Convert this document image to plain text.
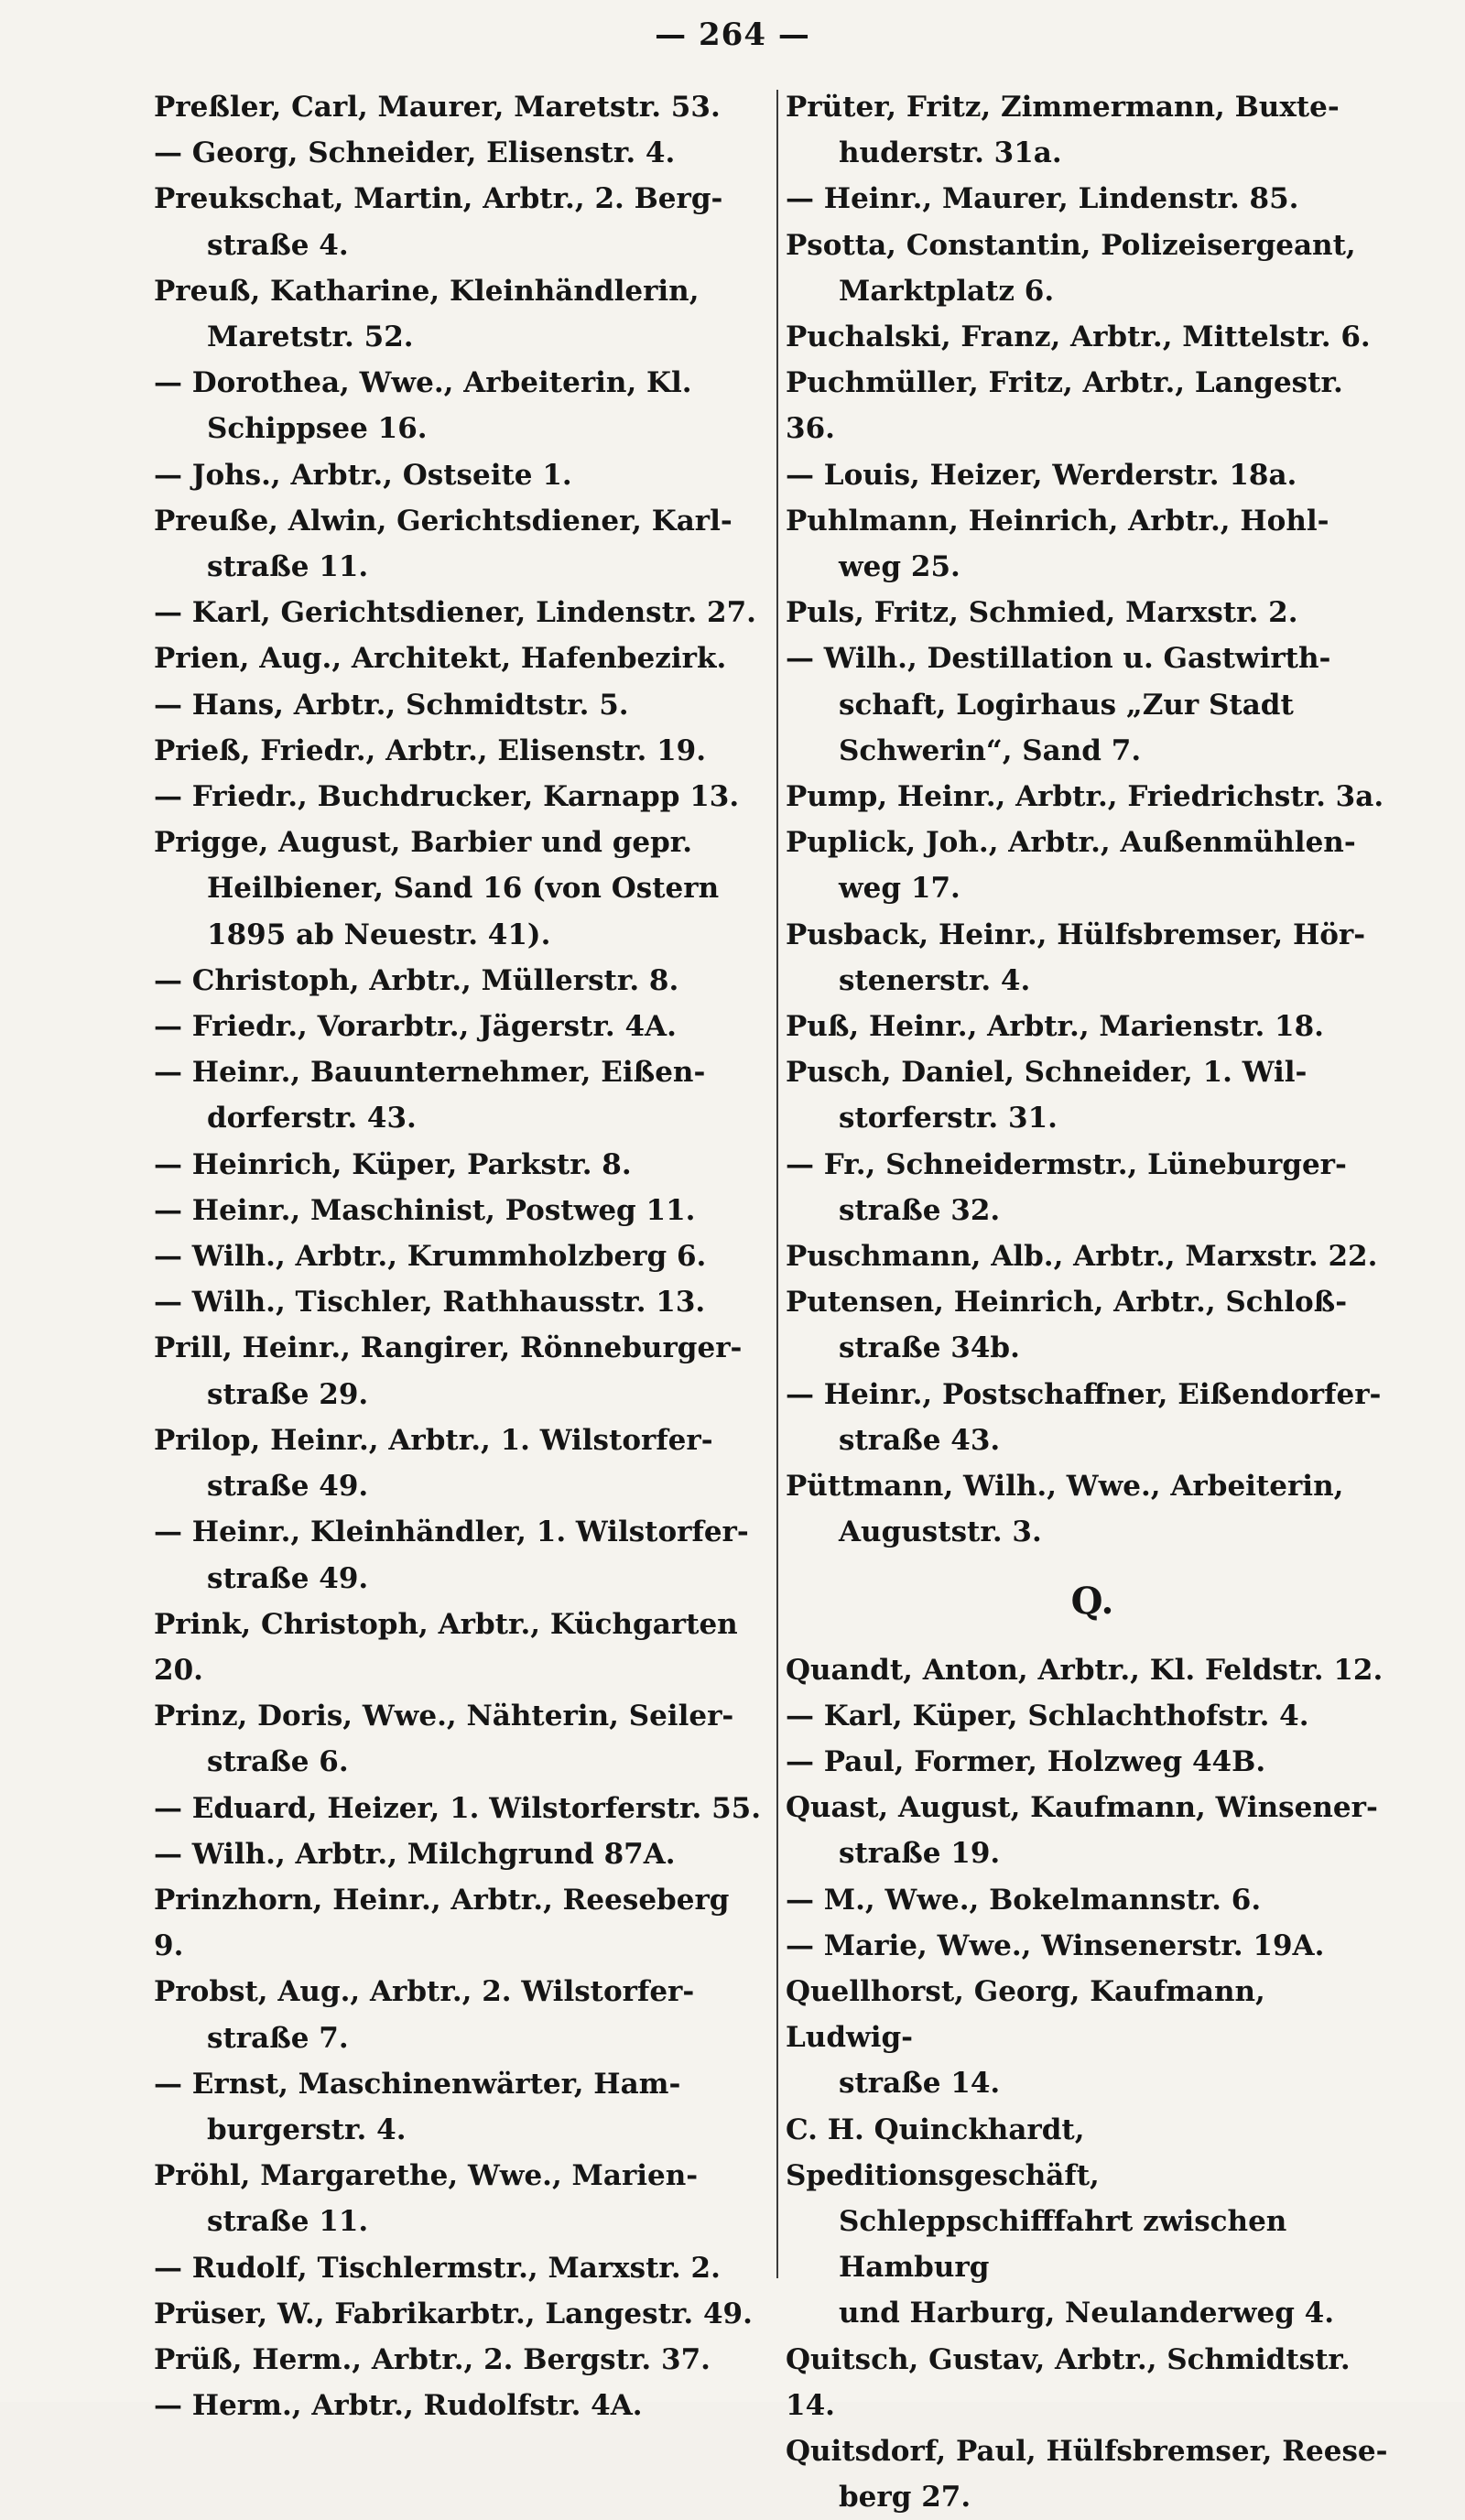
— 264 —
Preßler, Carl, Maurer, Maretstr. 53.
— Georg, Schneider, Elisenstr. 4.
Preukschat, Martin, Arbtr., 2. Berg-
straße 4.
Preuß, Katharine, Kleinhändlerin,
Maretstr. 52.
— Dorothea, Wwe., Arbeiterin, Kl.
Schippsee 16.
— Johs., Arbtr., Ostseite 1.
Preuße, Alwin, Gerichtsdiener, Karl-
straße 11.
— Karl, Gerichtsdiener, Lindenstr. 27.
Prien, Aug., Architekt, Hafenbezirk.
— Hans, Arbtr., Schmidtstr. 5.
Prieß, Friedr., Arbtr., Elisenstr. 19.
— Friedr., Buchdrucker, Karnapp 13.
Prigge, August, Barbier und gepr.
Heilbiener, Sand 16 (von Ostern
1895 ab Neuestr. 41).
— Christoph, Arbtr., Müllerstr. 8.
— Friedr., Vorarbtr., Jägerstr. 4A.
— Heinr., Bauunternehmer, Eißen-
dorferstr. 43.
— Heinrich, Küper, Parkstr. 8.
— Heinr., Maschinist, Postweg 11.
— Wilh., Arbtr., Krummholzberg 6.
— Wilh., Tischler, Rathhausstr. 13.
Prill, Heinr., Rangirer, Rönneburger-
straße 29.
Prilop, Heinr., Arbtr., 1. Wilstorfer-
straße 49.
— Heinr., Kleinhändler, 1. Wilstorfer-
straße 49.
Prink, Christoph, Arbtr., Küchgarten 20.
Prinz, Doris, Wwe., Nähterin, Seiler-
straße 6.
— Eduard, Heizer, 1. Wilstorferstr. 55.
— Wilh., Arbtr., Milchgrund 87A.
Prinzhorn, Heinr., Arbtr., Reeseberg 9.
Probst, Aug., Arbtr., 2. Wilstorfer-
straße 7.
— Ernst, Maschinenwärter, Ham-
burgerstr. 4.
Pröhl, Margarethe, Wwe., Marien-
straße 11.
— Rudolf, Tischlermstr., Marxstr. 2.
Prüser, W., Fabrikarbtr., Langestr. 49.
Prüß, Herm., Arbtr., 2. Bergstr. 37.
— Herm., Arbtr., Rudolfstr. 4A.
Prüter, Fritz, Zimmermann, Buxte-
huderstr. 31a.
— Heinr., Maurer, Lindenstr. 85.
Psotta, Constantin, Polizeisergeant,
Marktplatz 6.
Puchalski, Franz, Arbtr., Mittelstr. 6.
Puchmüller, Fritz, Arbtr., Langestr. 36.
— Louis, Heizer, Werderstr. 18a.
Puhlmann, Heinrich, Arbtr., Hohl-
weg 25.
Puls, Fritz, Schmied, Marxstr. 2.
— Wilh., Destillation u. Gastwirth-
schaft, Logirhaus „Zur Stadt
Schwerin“, Sand 7.
Pump, Heinr., Arbtr., Friedrichstr. 3a.
Puplick, Joh., Arbtr., Außenmühlen-
weg 17.
Pusback, Heinr., Hülfsbremser, Hör-
stenerstr. 4.
Puß, Heinr., Arbtr., Marienstr. 18.
Pusch, Daniel, Schneider, 1. Wil-
storferstr. 31.
— Fr., Schneidermstr., Lüneburger-
straße 32.
Puschmann, Alb., Arbtr., Marxstr. 22.
Putensen, Heinrich, Arbtr., Schloß-
straße 34b.
— Heinr., Postschaffner, Eißendorfer-
straße 43.
Püttmann, Wilh., Wwe., Arbeiterin,
Auguststr. 3.
Q.
Quandt, Anton, Arbtr., Kl. Feldstr. 12.
— Karl, Küper, Schlachthofstr. 4.
— Paul, Former, Holzweg 44B.
Quast, August, Kaufmann, Winsener-
straße 19.
— M., Wwe., Bokelmannstr. 6.
— Marie, Wwe., Winsenerstr. 19A.
Quellhorst, Georg, Kaufmann, Ludwig-
straße 14.
C. H. Quinckhardt, Speditionsgeschäft,
Schleppschifffahrt zwischen Hamburg
und Harburg, Neulanderweg 4.
Quitsch, Gustav, Arbtr., Schmidtstr. 14.
Quitsdorf, Paul, Hülfsbremser, Reese-
berg 27.
